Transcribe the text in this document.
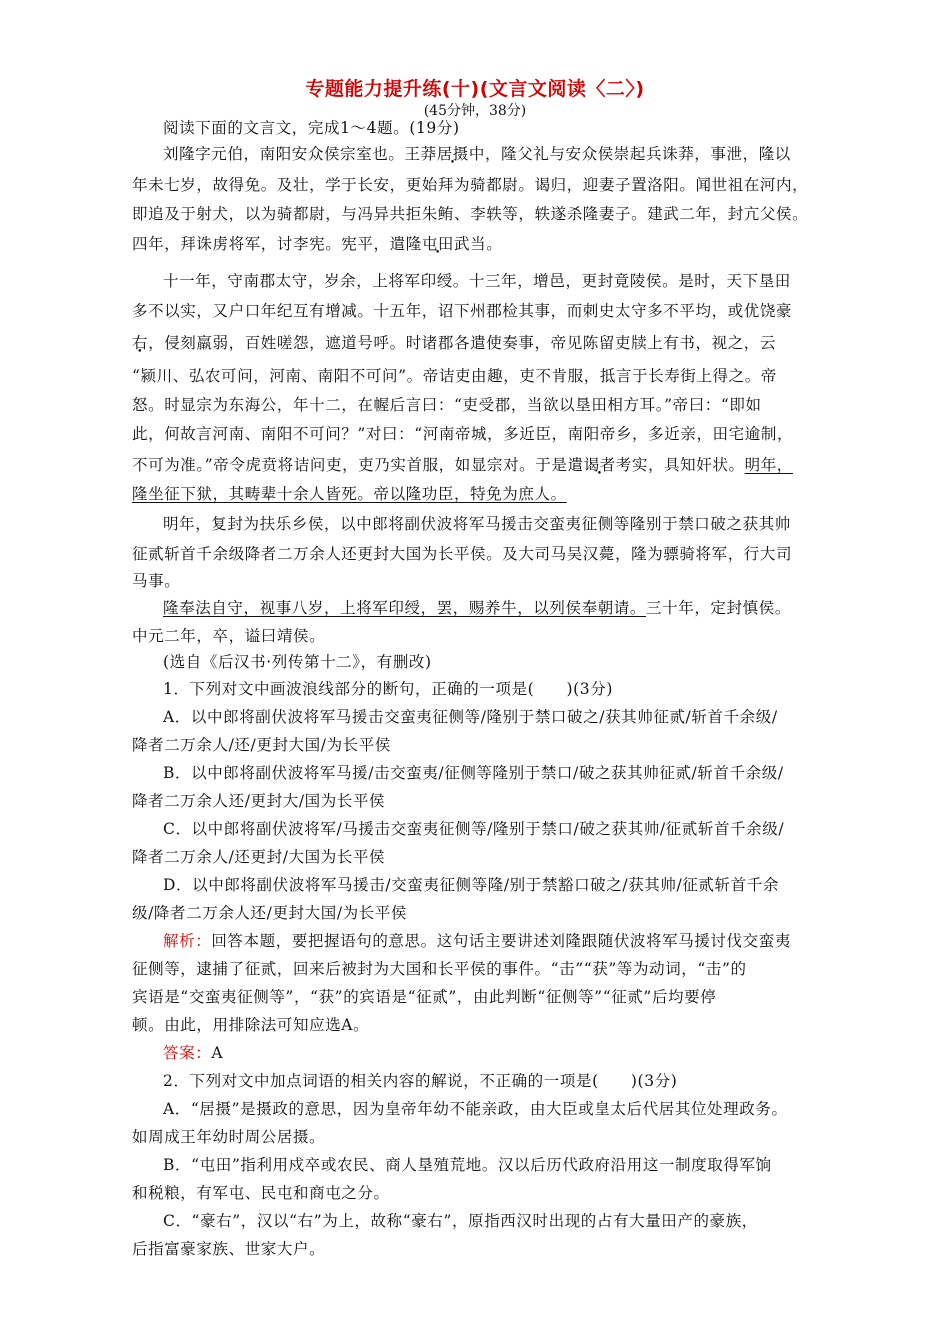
专题能力提升练(十)(文言文阅读〈二〉)
(45分钟，38分)
阅读下面的文言文，完成1～4题。(19分)
刘隆字元伯，南阳安众侯宗室也。王莽居摄中，隆父礼与安众侯崇起兵诛莽，事泄，隆以
年未七岁，故得免。及壮，学于长安，更始拜为骑都尉。谒归，迎妻子置洛阳。闻世祖在河内，
即追及于射犬，以为骑都尉，与冯异共拒朱鲔、李轶等，轶遂杀隆妻子。建武二年，封亢父侯。
四年，拜诛虏将军，讨李宪。宪平，遣隆屯田武当。
十一年，守南郡太守，岁余，上将军印绶。十三年，增邑，更封竟陵侯。是时，天下垦田
多不以实，又户口年纪互有增减。十五年，诏下州郡检其事，而刺史太守多不平均，或优饶豪
右，侵刻羸弱，百姓嗟怨，遮道号呼。时诸郡各遣使奏事，帝见陈留吏牍上有书，视之，云
“颍川、弘农可问，河南、南阳不可问”。帝诘吏由趣，吏不肯服，抵言于长寿街上得之。帝
怒。时显宗为东海公，年十二，在幄后言曰：“吏受郡，当欲以垦田相方耳。”帝曰：“即如
此，何故言河南、南阳不可问？”对曰：“河南帝城，多近臣，南阳帝乡，多近亲，田宅逾制，
不可为准。”帝令虎贲将诘问吏，吏乃实首服，如显宗对。于是遣谒者考实，具知奸状。明年，
隆坐征下狱，其畴辈十余人皆死。帝以隆功臣，特免为庶人。
明年，复封为扶乐乡侯，以中郎将副伏波将军马援击交蛮夷征侧等隆别于禁口破之获其帅
征贰斩首千余级降者二万余人还更封大国为长平侯。及大司马吴汉薨，隆为骠骑将军，行大司
马事。
隆奉法自守，视事八岁，上将军印绶，罢，赐养牛，以列侯奉朝请。三十年，定封慎侯。
中元二年，卒，谥曰靖侯。
(选自《后汉书·列传第十二》，有删改)
1．下列对文中画波浪线部分的断句，正确的一项是(　　)(3分)
A．以中郎将副伏波将军马援击交蛮夷征侧等/隆别于禁口破之/获其帅征贰/斩首千余级/
降者二万余人/还/更封大国/为长平侯
B．以中郎将副伏波将军马援/击交蛮夷/征侧等隆别于禁口/破之获其帅征贰/斩首千余级/
降者二万余人还/更封大/国为长平侯
C．以中郎将副伏波将军/马援击交蛮夷征侧等/隆别于禁口/破之获其帅/征贰斩首千余级/
降者二万余人/还更封/大国为长平侯
D．以中郎将副伏波将军马援击/交蛮夷征侧等隆/别于禁豁口破之/获其帅/征贰斩首千余
级/降者二万余人还/更封大国/为长平侯
解析：回答本题，要把握语句的意思。这句话主要讲述刘隆跟随伏波将军马援讨伐交蛮夷
征侧等，逮捕了征贰，回来后被封为大国和长平侯的事件。“击”“获”等为动词，“击”的
宾语是“交蛮夷征侧等”，“获”的宾语是“征贰”，由此判断“征侧等”“征贰”后均要停
顿。由此，用排除法可知应选A。
答案：A
2．下列对文中加点词语的相关内容的解说，不正确的一项是(　　)(3分)
A．“居摄”是摄政的意思，因为皇帝年幼不能亲政，由大臣或皇太后代居其位处理政务。
如周成王年幼时周公居摄。
B．“屯田”指利用戍卒或农民、商人垦殖荒地。汉以后历代政府沿用这一制度取得军饷
和税粮，有军屯、民屯和商屯之分。
C．“豪右”，汉以“右”为上，故称“豪右”，原指西汉时出现的占有大量田产的豪族，
后指富豪家族、世家大户。
